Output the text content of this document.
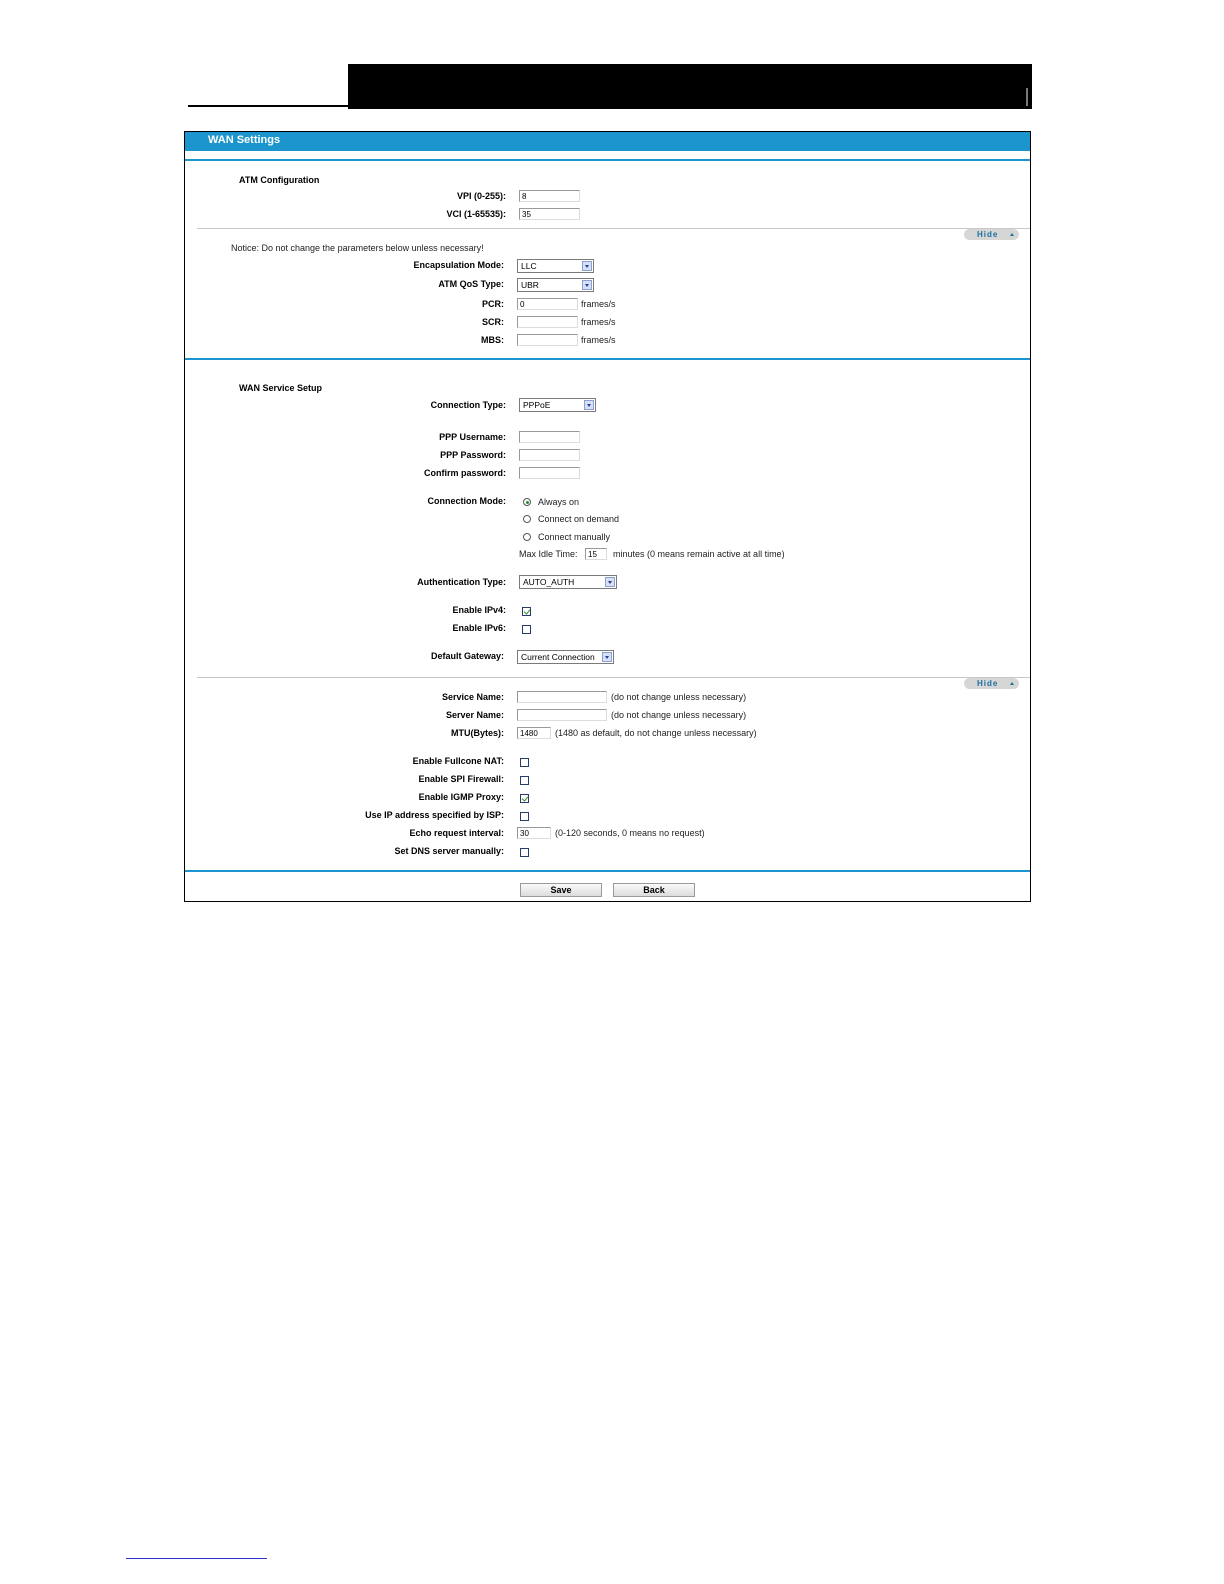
WAN Settings
ATM Configuration
VPI (0-255):	8
VCI (1-65535):	35
Hide
Notice: Do not change the parameters below unless necessary!
Encapsulation Mode:	LLC
ATM QoS Type:	UBR
PCR:	0	frames/s
SCR:	frames/s
MBS:	frames/s
WAN Service Setup
Connection Type:	PPPoE
PPP Username:
PPP Password:
Confirm password:
Connection Mode:	Always on
Connect on demand
Connect manually
Max Idle Time:	15	minutes (0 means remain active at all time)
Authentication Type:	AUTO_AUTH
Enable IPv4:
Enable IPv6:
Default Gateway:	Current Connection
Hide
Service Name:	(do not change unless necessary)
Server Name:	(do not change unless necessary)
MTU(Bytes):	1480	(1480 as default, do not change unless necessary)
Enable Fullcone NAT:
Enable SPI Firewall:
Enable IGMP Proxy:
Use IP address specified by ISP:
Echo request interval:	30	(0-120 seconds, 0 means no request)
Set DNS server manually:
Save	Back
